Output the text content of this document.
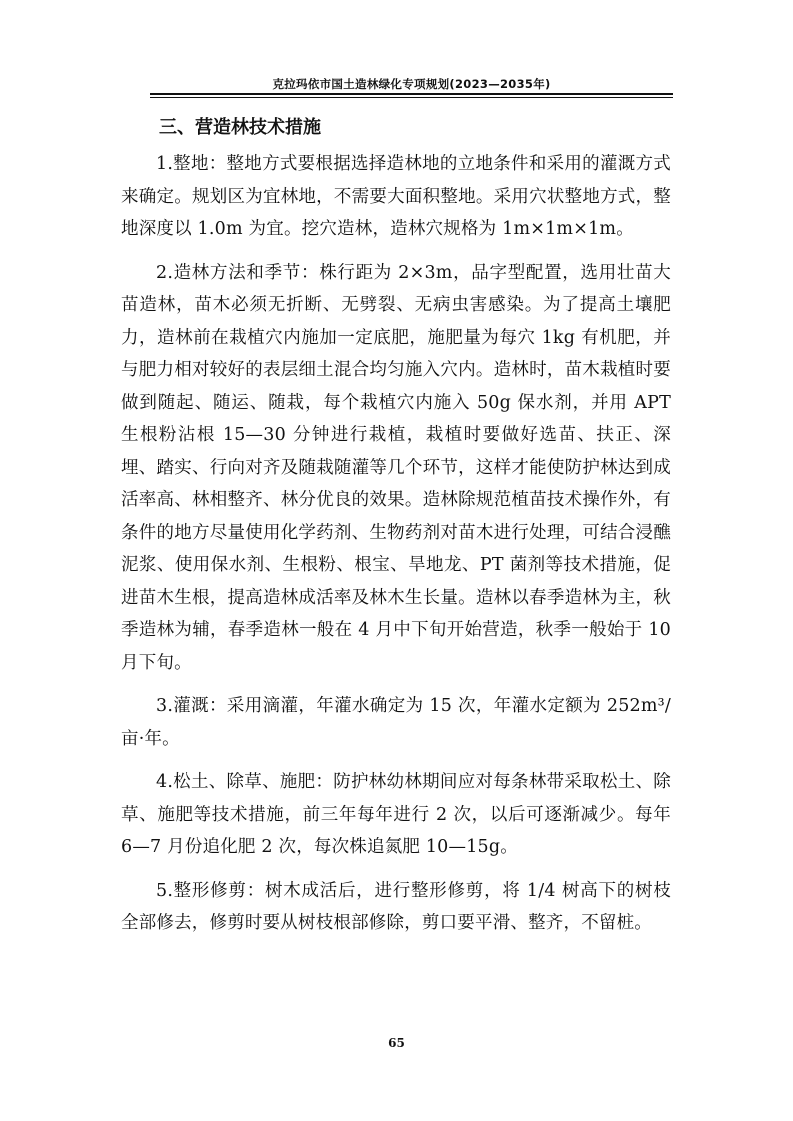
克拉玛依市国土造林绿化专项规划(2023—2035年)
三、营造林技术措施

1.整地：整地方式要根据选择造林地的立地条件和采用的灌溉方式来确定。规划区为宜林地，不需要大面积整地。采用穴状整地方式，整地深度以 1.0m 为宜。挖穴造林，造林穴规格为 1m×1m×1m。

2.造林方法和季节：株行距为 2×3m，品字型配置，选用壮苗大苗造林，苗木必须无折断、无劈裂、无病虫害感染。为了提高土壤肥力，造林前在栽植穴内施加一定底肥，施肥量为每穴 1kg 有机肥，并与肥力相对较好的表层细土混合均匀施入穴内。造林时，苗木栽植时要做到随起、随运、随栽，每个栽植穴内施入 50g 保水剂，并用 APT 生根粉沾根 15—30 分钟进行栽植，栽植时要做好选苗、扶正、深埋、踏实、行向对齐及随栽随灌等几个环节，这样才能使防护林达到成活率高、林相整齐、林分优良的效果。造林除规范植苗技术操作外，有条件的地方尽量使用化学药剂、生物药剂对苗木进行处理，可结合浸醮泥浆、使用保水剂、生根粉、根宝、旱地龙、PT 菌剂等技术措施，促进苗木生根，提高造林成活率及林木生长量。造林以春季造林为主，秋季造林为辅，春季造林一般在 4 月中下旬开始营造，秋季一般始于 10 月下旬。

3.灌溉：采用滴灌，年灌水确定为 15 次，年灌水定额为 252m³/亩·年。

4.松土、除草、施肥：防护林幼林期间应对每条林带采取松土、除草、施肥等技术措施，前三年每年进行 2 次，以后可逐渐减少。每年 6—7 月份追化肥 2 次，每次株追氮肥 10—15g。

5.整形修剪：树木成活后，进行整形修剪，将 1/4 树高下的树枝全部修去，修剪时要从树枝根部修除，剪口要平滑、整齐，不留桩。

65
